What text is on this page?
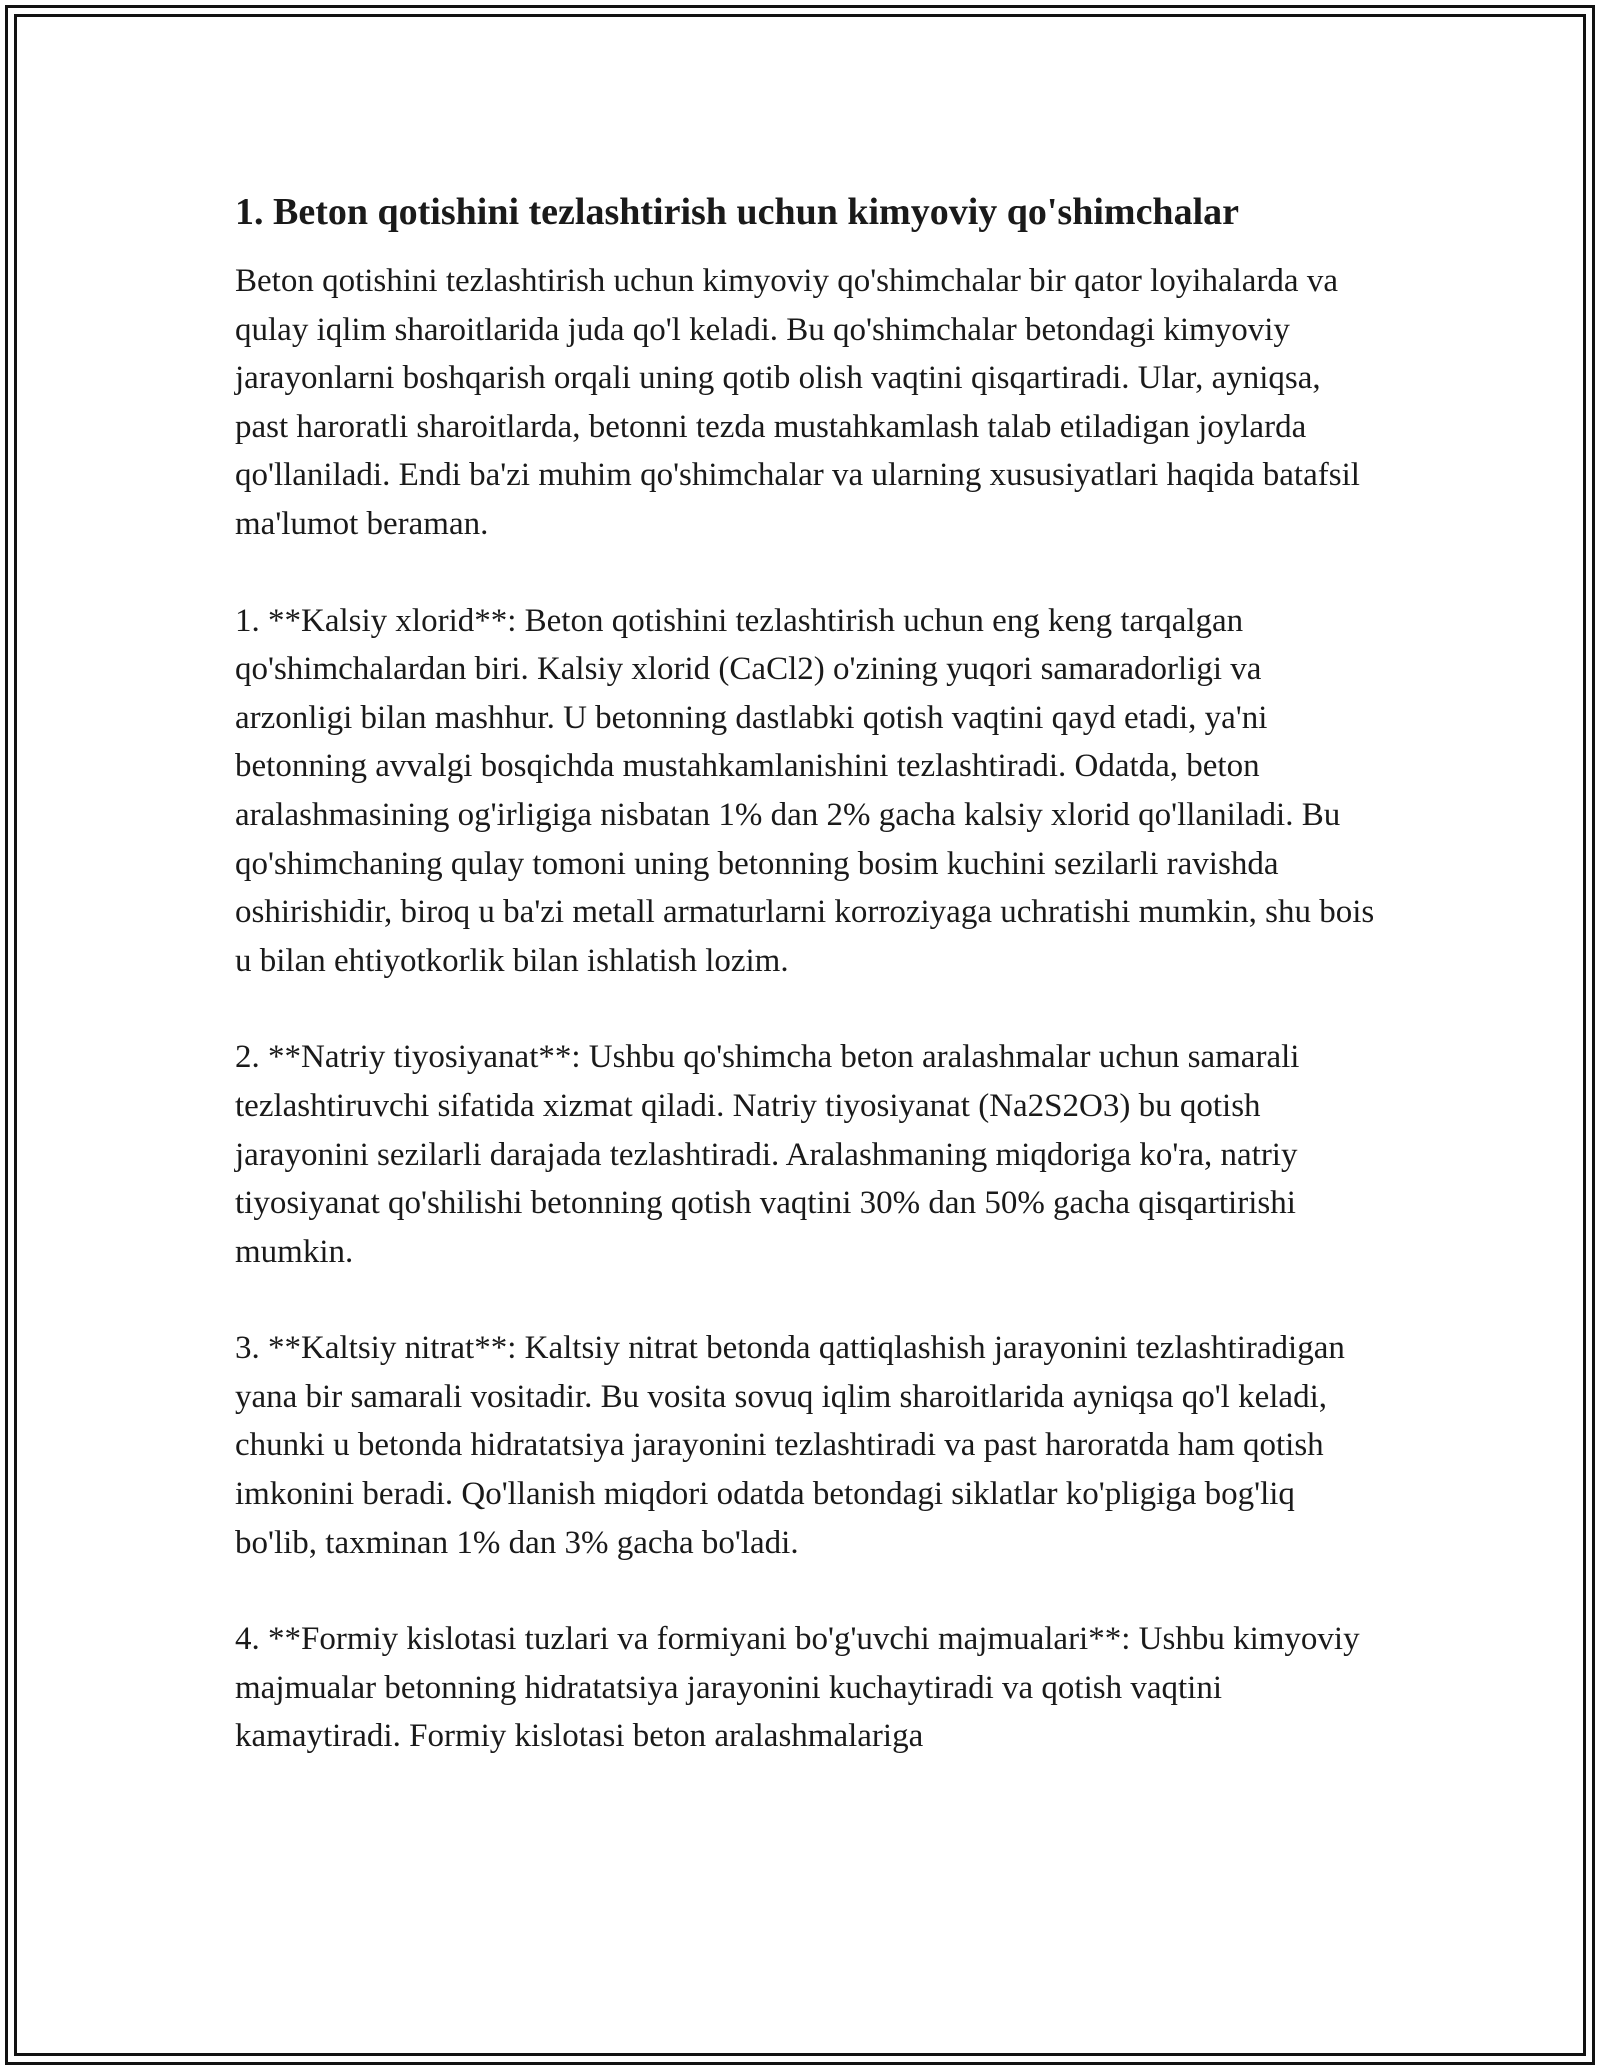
1. Beton qotishini tezlashtirish uchun kimyoviy qo'shimchalar

Beton qotishini tezlashtirish uchun kimyoviy qo'shimchalar bir qator loyihalarda va qulay iqlim sharoitlarida juda qo'l keladi. Bu qo'shimchalar betondagi kimyoviy jarayonlarni boshqarish orqali uning qotib olish vaqtini qisqartiradi. Ular, ayniqsa, past haroratli sharoitlarda, betonni tezda mustahkamlash talab etiladigan joylarda qo'llaniladi. Endi ba'zi muhim qo'shimchalar va ularning xususiyatlari haqida batafsil ma'lumot beraman.

1. **Kalsiy xlorid**: Beton qotishini tezlashtirish uchun eng keng tarqalgan qo'shimchalardan biri. Kalsiy xlorid (CaCl2) o'zining yuqori samaradorligi va arzonligi bilan mashhur. U betonning dastlabki qotish vaqtini qayd etadi, ya'ni betonning avvalgi bosqichda mustahkamlanishini tezlashtiradi. Odatda, beton aralashmasining og'irligiga nisbatan 1% dan 2% gacha kalsiy xlorid qo'llaniladi. Bu qo'shimchaning qulay tomoni uning betonning bosim kuchini sezilarli ravishda oshirishidir, biroq u ba'zi metall armaturlarni korroziyaga uchratishi mumkin, shu bois u bilan ehtiyotkorlik bilan ishlatish lozim.

2. **Natriy tiyosiyanat**: Ushbu qo'shimcha beton aralashmalar uchun samarali tezlashtiruvchi sifatida xizmat qiladi. Natriy tiyosiyanat (Na2S2O3) bu qotish jarayonini sezilarli darajada tezlashtiradi. Aralashmaning miqdoriga ko'ra, natriy tiyosiyanat qo'shilishi betonning qotish vaqtini 30% dan 50% gacha qisqartirishi mumkin.

3. **Kaltsiy nitrat**: Kaltsiy nitrat betonda qattiqlashish jarayonini tezlashtiradigan yana bir samarali vositadir. Bu vosita sovuq iqlim sharoitlarida ayniqsa qo'l keladi, chunki u betonda hidratatsiya jarayonini tezlashtiradi va past haroratda ham qotish imkonini beradi. Qo'llanish miqdori odatda betondagi siklatlar ko'pligiga bog'liq bo'lib, taxminan 1% dan 3% gacha bo'ladi.

4. **Formiy kislotasi tuzlari va formiyani bo'g'uvchi majmualari**: Ushbu kimyoviy majmualar betonning hidratatsiya jarayonini kuchaytiradi va qotish vaqtini kamaytiradi. Formiy kislotasi beton aralashmalariga
